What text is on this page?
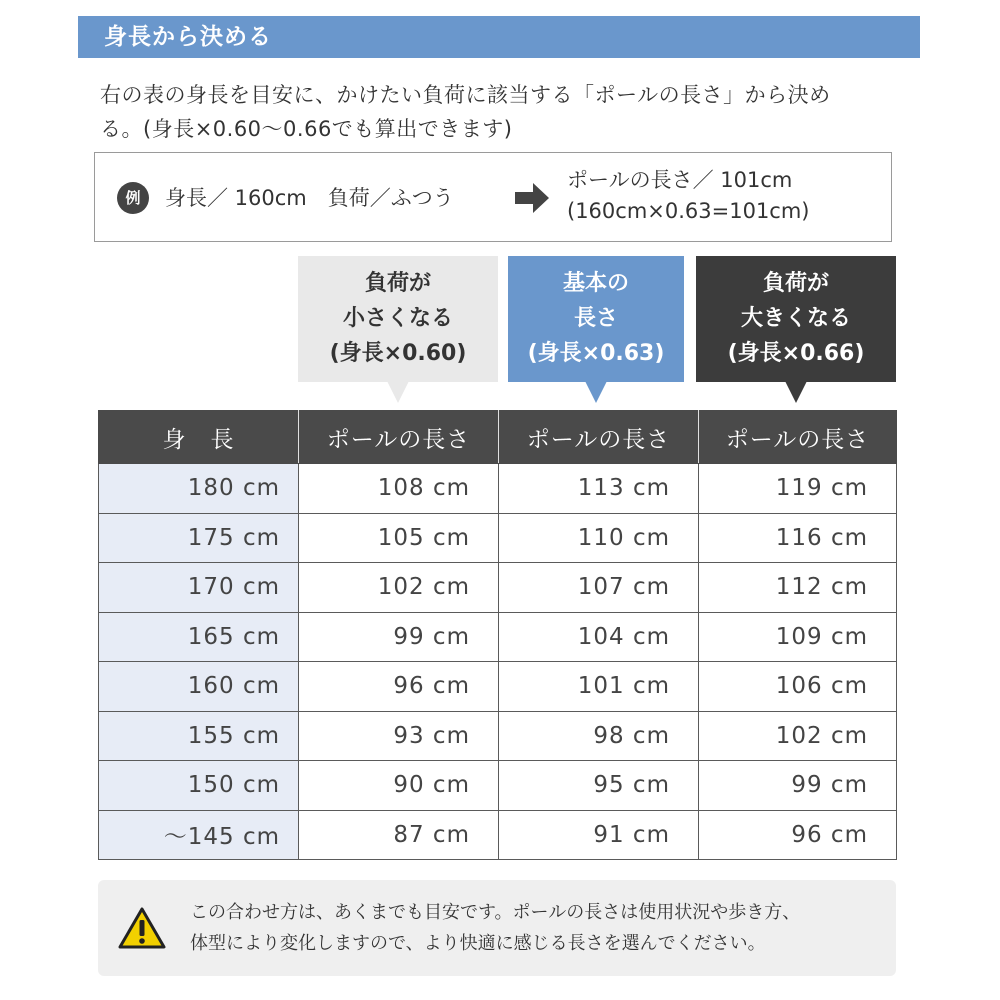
身長から決める
右の表の身長を目安に、かけたい負荷に該当する「ポールの長さ」から決め
る。(身長×0.60〜0.66でも算出できます)
例	身長／ 160cm　負荷／ふつう
ポールの長さ／ 101cm
(160cm×0.63=101cm)
負荷が
小さくなる
(身長×0.60)
基本の
長さ
(身長×0.63)
負荷が
大きくなる
(身長×0.66)
身　長	ポールの長さ	ポールの長さ	ポールの長さ
180 cm	108 cm	113 cm	119 cm
175 cm	105 cm	110 cm	116 cm
170 cm	102 cm	107 cm	112 cm
165 cm	99 cm	104 cm	109 cm
160 cm	96 cm	101 cm	106 cm
155 cm	93 cm	98 cm	102 cm
150 cm	90 cm	95 cm	99 cm
〜145 cm	87 cm	91 cm	96 cm
この合わせ方は、あくまでも目安です。ポールの長さは使用状況や歩き方、
体型により変化しますので、より快適に感じる長さを選んでください。
